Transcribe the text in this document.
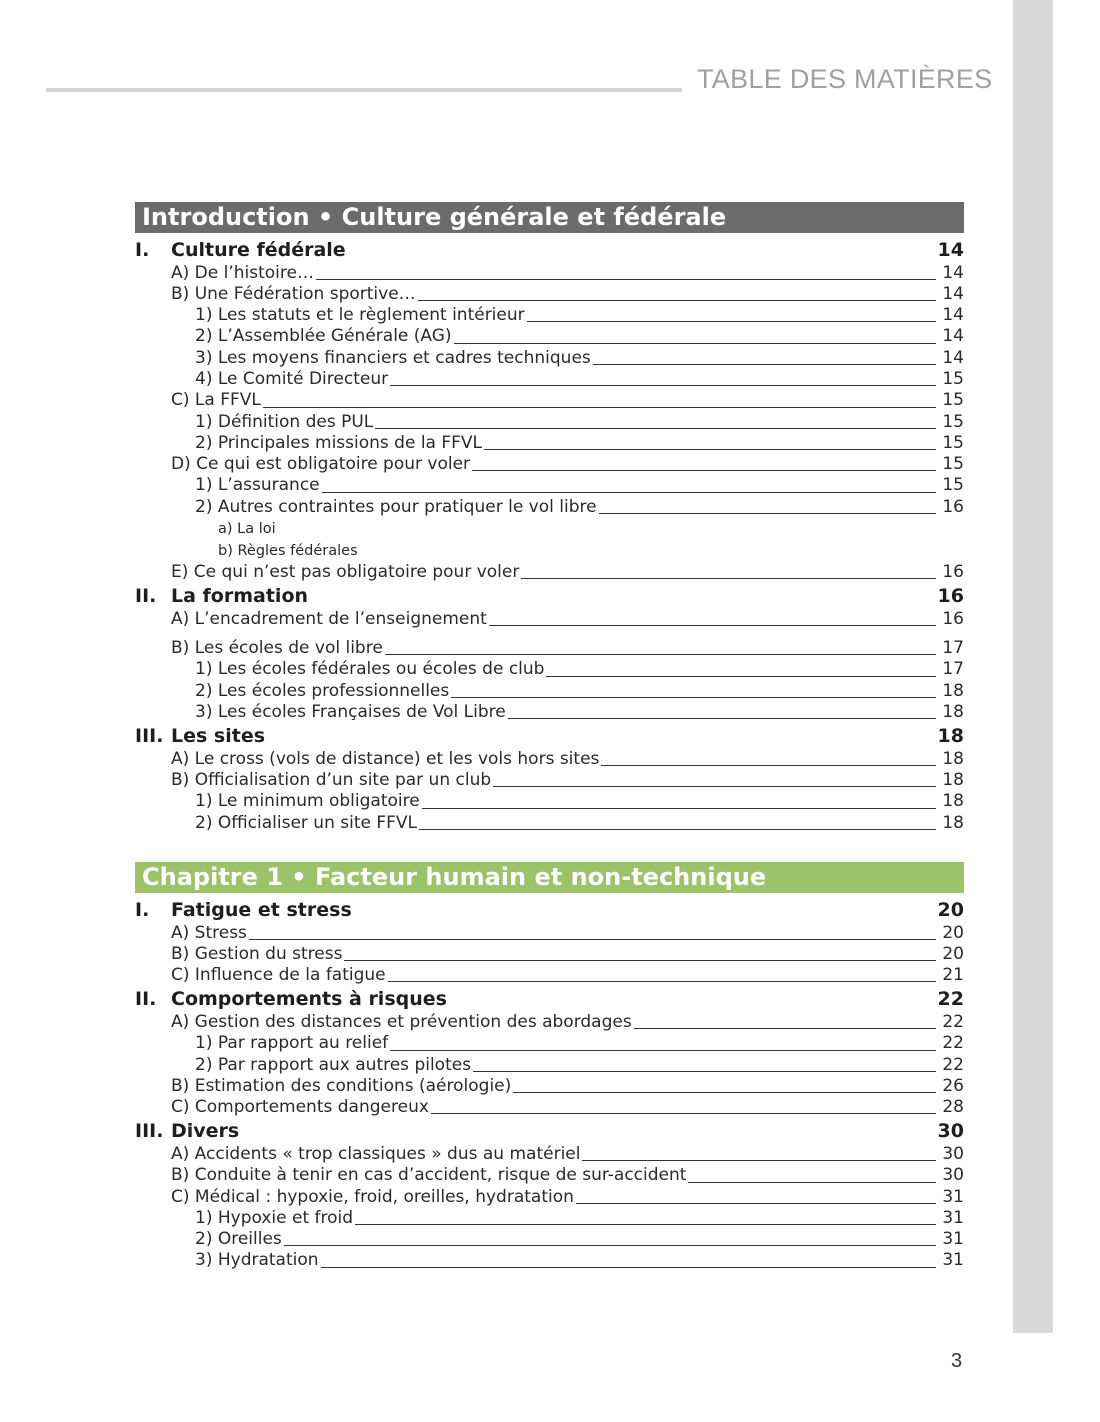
TABLE DES MATIÈRES
Introduction • Culture générale et fédérale
I. Culture fédérale	14
A) De l’histoire…	14
B) Une Fédération sportive…	14
1) Les statuts et le règlement intérieur	14
2) L’Assemblée Générale (AG)	14
3) Les moyens financiers et cadres techniques	14
4) Le Comité Directeur	15
C) La FFVL	15
1) Définition des PUL	15
2) Principales missions de la FFVL	15
D) Ce qui est obligatoire pour voler	15
1) L’assurance	15
2) Autres contraintes pour pratiquer le vol libre	16
a) La loi
b) Règles fédérales
E) Ce qui n’est pas obligatoire pour voler	16
II. La formation	16
A) L’encadrement de l’enseignement	16
B) Les écoles de vol libre	17
1) Les écoles fédérales ou écoles de club	17
2) Les écoles professionnelles	18
3) Les écoles Françaises de Vol Libre	18
III. Les sites	18
A) Le cross (vols de distance) et les vols hors sites	18
B) Officialisation d’un site par un club	18
1) Le minimum obligatoire	18
2) Officialiser un site FFVL	18
Chapitre 1 • Facteur humain et non-technique
I. Fatigue et stress	20
A) Stress	20
B) Gestion du stress	20
C) Influence de la fatigue	21
II. Comportements à risques	22
A) Gestion des distances et prévention des abordages	22
1) Par rapport au relief	22
2) Par rapport aux autres pilotes	22
B) Estimation des conditions (aérologie)	26
C) Comportements dangereux	28
III. Divers	30
A) Accidents « trop classiques » dus au matériel	30
B) Conduite à tenir en cas d’accident, risque de sur-accident	30
C) Médical : hypoxie, froid, oreilles, hydratation	31
1) Hypoxie et froid	31
2) Oreilles	31
3) Hydratation	31
3
